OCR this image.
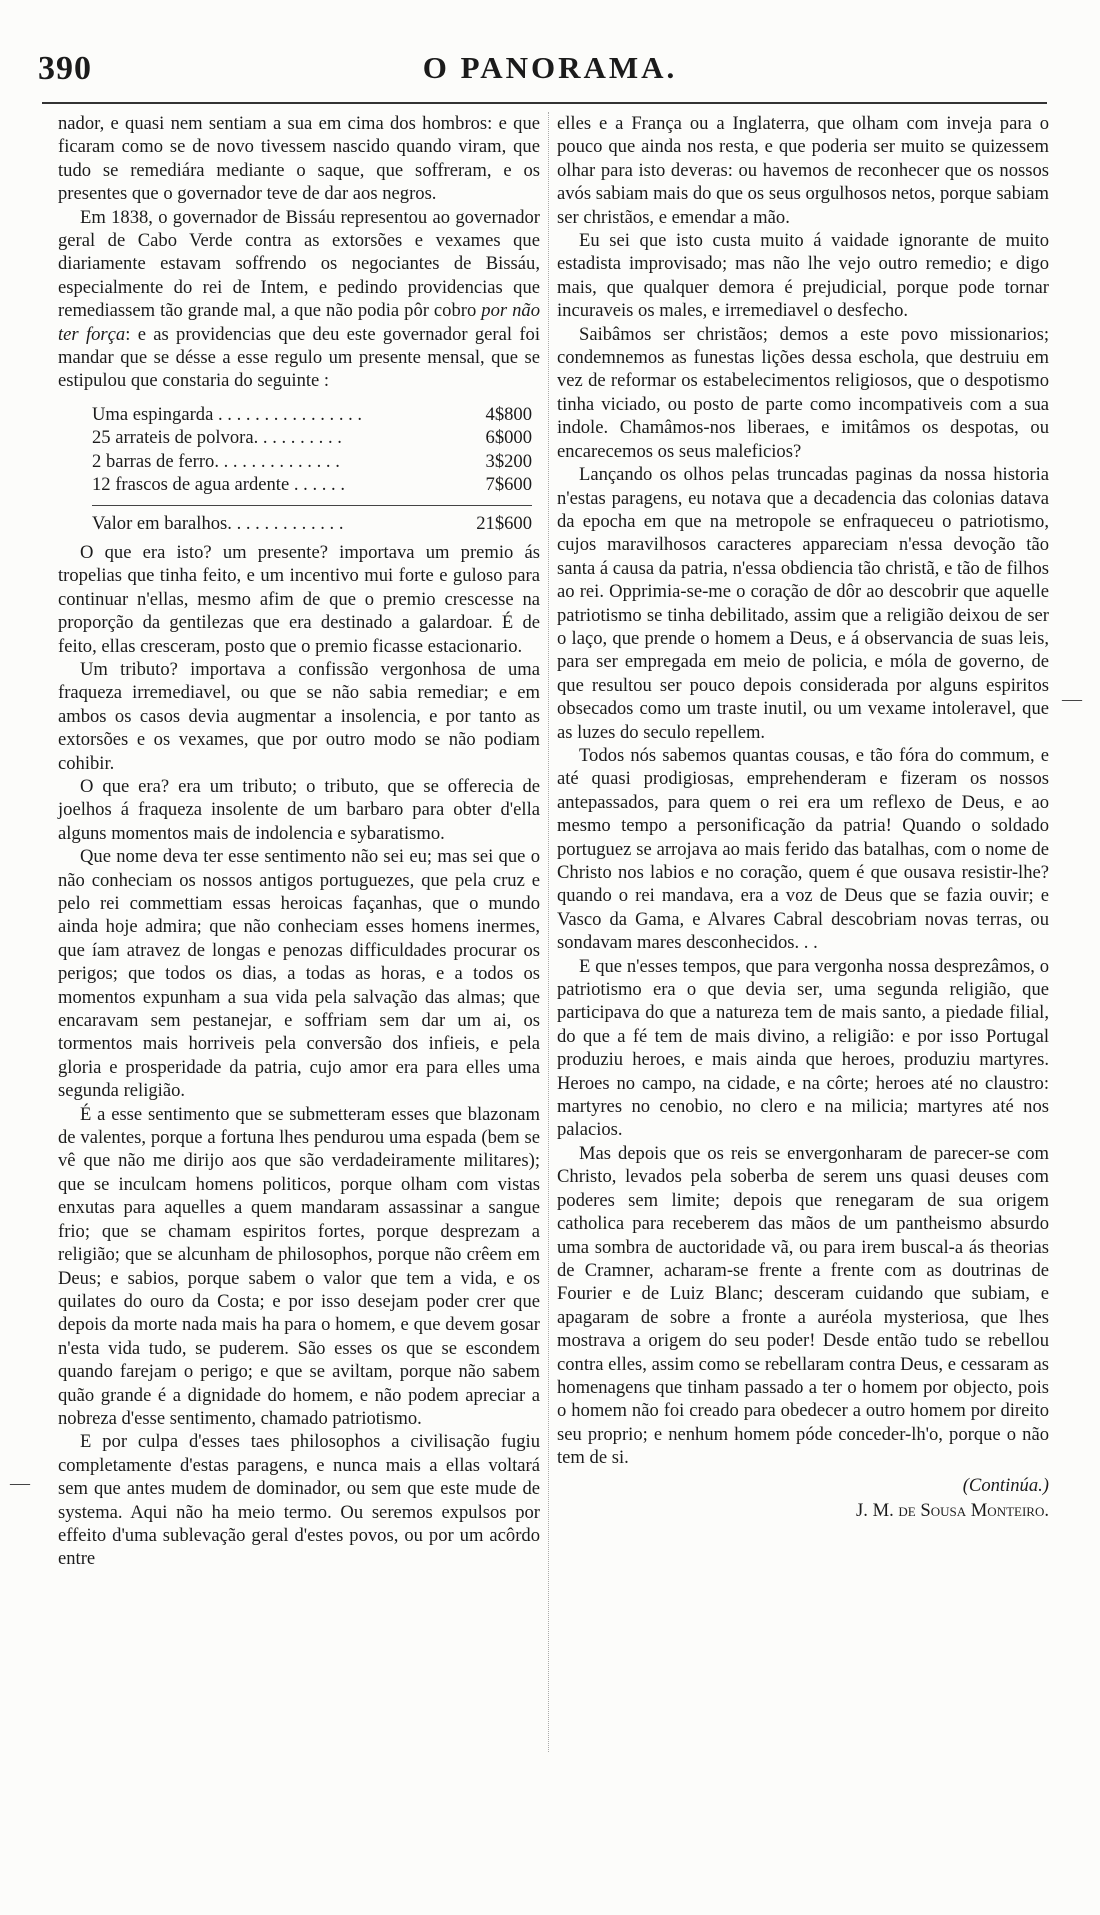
390	O PANORAMA.

nador, e quasi nem sentiam a sua em cima dos hombros: e que ficaram como se de novo tivessem nascido quando viram, que tudo se remediára mediante o saque, que soffreram, e os presentes que o governador teve de dar aos negros.

Em 1838, o governador de Bissáu representou ao governador geral de Cabo Verde contra as extorsões e vexames que diariamente estavam soffrendo os negociantes de Bissáu, especialmente do rei de Intem, e pedindo providencias que remediassem tão grande mal, a que não podia pôr cobro por não ter força: e as providencias que deu este governador geral foi mandar que se désse a esse regulo um presente mensal, que se estipulou que constaria do seguinte :

Uma espingarda . . . . . . . . . . . . . . . .	4$800
25 arrateis de polvora. . . . . . . . . .	6$000
2 barras de ferro. . . . . . . . . . . . . .	3$200
12 frascos de agua ardente . . . . . .	7$600
Valor em baralhos. . . . . . . . . . . . .	21$600

O que era isto? um presente? importava um premio ás tropelias que tinha feito, e um incentivo mui forte e guloso para continuar n'ellas, mesmo afim de que o premio crescesse na proporção da gentilezas que era destinado a galardoar. É de feito, ellas cresceram, posto que o premio ficasse estacionario.

Um tributo? importava a confissão vergonhosa de uma fraqueza irremediavel, ou que se não sabia remediar; e em ambos os casos devia augmentar a insolencia, e por tanto as extorsões e os vexames, que por outro modo se não podiam cohibir.

O que era? era um tributo; o tributo, que se offerecia de joelhos á fraqueza insolente de um barbaro para obter d'ella alguns momentos mais de indolencia e sybaratismo.

Que nome deva ter esse sentimento não sei eu; mas sei que o não conheciam os nossos antigos portuguezes, que pela cruz e pelo rei commettiam essas heroicas façanhas, que o mundo ainda hoje admira; que não conheciam esses homens inermes, que íam atravez de longas e penozas difficuldades procurar os perigos; que todos os dias, a todas as horas, e a todos os momentos expunham a sua vida pela salvação das almas; que encaravam sem pestanejar, e soffriam sem dar um ai, os tormentos mais horriveis pela conversão dos infieis, e pela gloria e prosperidade da patria, cujo amor era para elles uma segunda religião.

É a esse sentimento que se submetteram esses que blazonam de valentes, porque a fortuna lhes pendurou uma espada (bem se vê que não me dirijo aos que são verdadeiramente militares); que se inculcam homens politicos, porque olham com vistas enxutas para aquelles a quem mandaram assassinar a sangue frio; que se chamam espiritos fortes, porque desprezam a religião; que se alcunham de philosophos, porque não crêem em Deus; e sabios, porque sabem o valor que tem a vida, e os quilates do ouro da Costa; e por isso desejam poder crer que depois da morte nada mais ha para o homem, e que devem gosar n'esta vida tudo, se puderem. São esses os que se escondem quando farejam o perigo; e que se aviltam, porque não sabem quão grande é a dignidade do homem, e não podem apreciar a nobreza d'esse sentimento, chamado patriotismo.

E por culpa d'esses taes philosophos a civilisação fugiu completamente d'estas paragens, e nunca mais a ellas voltará sem que antes mudem de dominador, ou sem que este mude de systema. Aqui não ha meio termo. Ou seremos expulsos por effeito d'uma sublevação geral d'estes povos, ou por um acôrdo entre

elles e a França ou a Inglaterra, que olham com inveja para o pouco que ainda nos resta, e que poderia ser muito se quizessem olhar para isto deveras: ou havemos de reconhecer que os nossos avós sabiam mais do que os seus orgulhosos netos, porque sabiam ser christãos, e emendar a mão.

Eu sei que isto custa muito á vaidade ignorante de muito estadista improvisado; mas não lhe vejo outro remedio; e digo mais, que qualquer demora é prejudicial, porque pode tornar incuraveis os males, e irremediavel o desfecho.

Saibâmos ser christãos; demos a este povo missionarios; condemnemos as funestas lições dessa eschola, que destruiu em vez de reformar os estabelecimentos religiosos, que o despotismo tinha viciado, ou posto de parte como incompativeis com a sua indole. Chamâmos-nos liberaes, e imitâmos os despotas, ou encarecemos os seus maleficios?

Lançando os olhos pelas truncadas paginas da nossa historia n'estas paragens, eu notava que a decadencia das colonias datava da epocha em que na metropole se enfraqueceu o patriotismo, cujos maravilhosos caracteres appareciam n'essa devoção tão santa á causa da patria, n'essa obdiencia tão christã, e tão de filhos ao rei. Opprimia-se-me o coração de dôr ao descobrir que aquelle patriotismo se tinha debilitado, assim que a religião deixou de ser o laço, que prende o homem a Deus, e á observancia de suas leis, para ser empregada em meio de policia, e móla de governo, de que resultou ser pouco depois considerada por alguns espiritos obsecados como um traste inutil, ou um vexame intoleravel, que as luzes do seculo repellem.

Todos nós sabemos quantas cousas, e tão fóra do commum, e até quasi prodigiosas, emprehenderam e fizeram os nossos antepassados, para quem o rei era um reflexo de Deus, e ao mesmo tempo a personificação da patria! Quando o soldado portuguez se arrojava ao mais ferido das batalhas, com o nome de Christo nos labios e no coração, quem é que ousava resistir-lhe? quando o rei mandava, era a voz de Deus que se fazia ouvir; e Vasco da Gama, e Alvares Cabral descobriam novas terras, ou sondavam mares desconhecidos. . .

E que n'esses tempos, que para vergonha nossa desprezâmos, o patriotismo era o que devia ser, uma segunda religião, que participava do que a natureza tem de mais santo, a piedade filial, do que a fé tem de mais divino, a religião: e por isso Portugal produziu heroes, e mais ainda que heroes, produziu martyres. Heroes no campo, na cidade, e na côrte; heroes até no claustro: martyres no cenobio, no clero e na milicia; martyres até nos palacios.

Mas depois que os reis se envergonharam de parecer-se com Christo, levados pela soberba de serem uns quasi deuses com poderes sem limite; depois que renegaram de sua origem catholica para receberem das mãos de um pantheismo absurdo uma sombra de auctoridade vã, ou para irem buscal-a ás theorias de Cramner, acharam-se frente a frente com as doutrinas de Fourier e de Luiz Blanc; desceram cuidando que subiam, e apagaram de sobre a fronte a auréola mysteriosa, que lhes mostrava a origem do seu poder! Desde então tudo se rebellou contra elles, assim como se rebellaram contra Deus, e cessaram as homenagens que tinham passado a ter o homem por objecto, pois o homem não foi creado para obedecer a outro homem por direito seu proprio; e nenhum homem póde conceder-lh'o, porque o não tem de si.

(Continúa.)
J. M. de Sousa Monteiro.
—
—
